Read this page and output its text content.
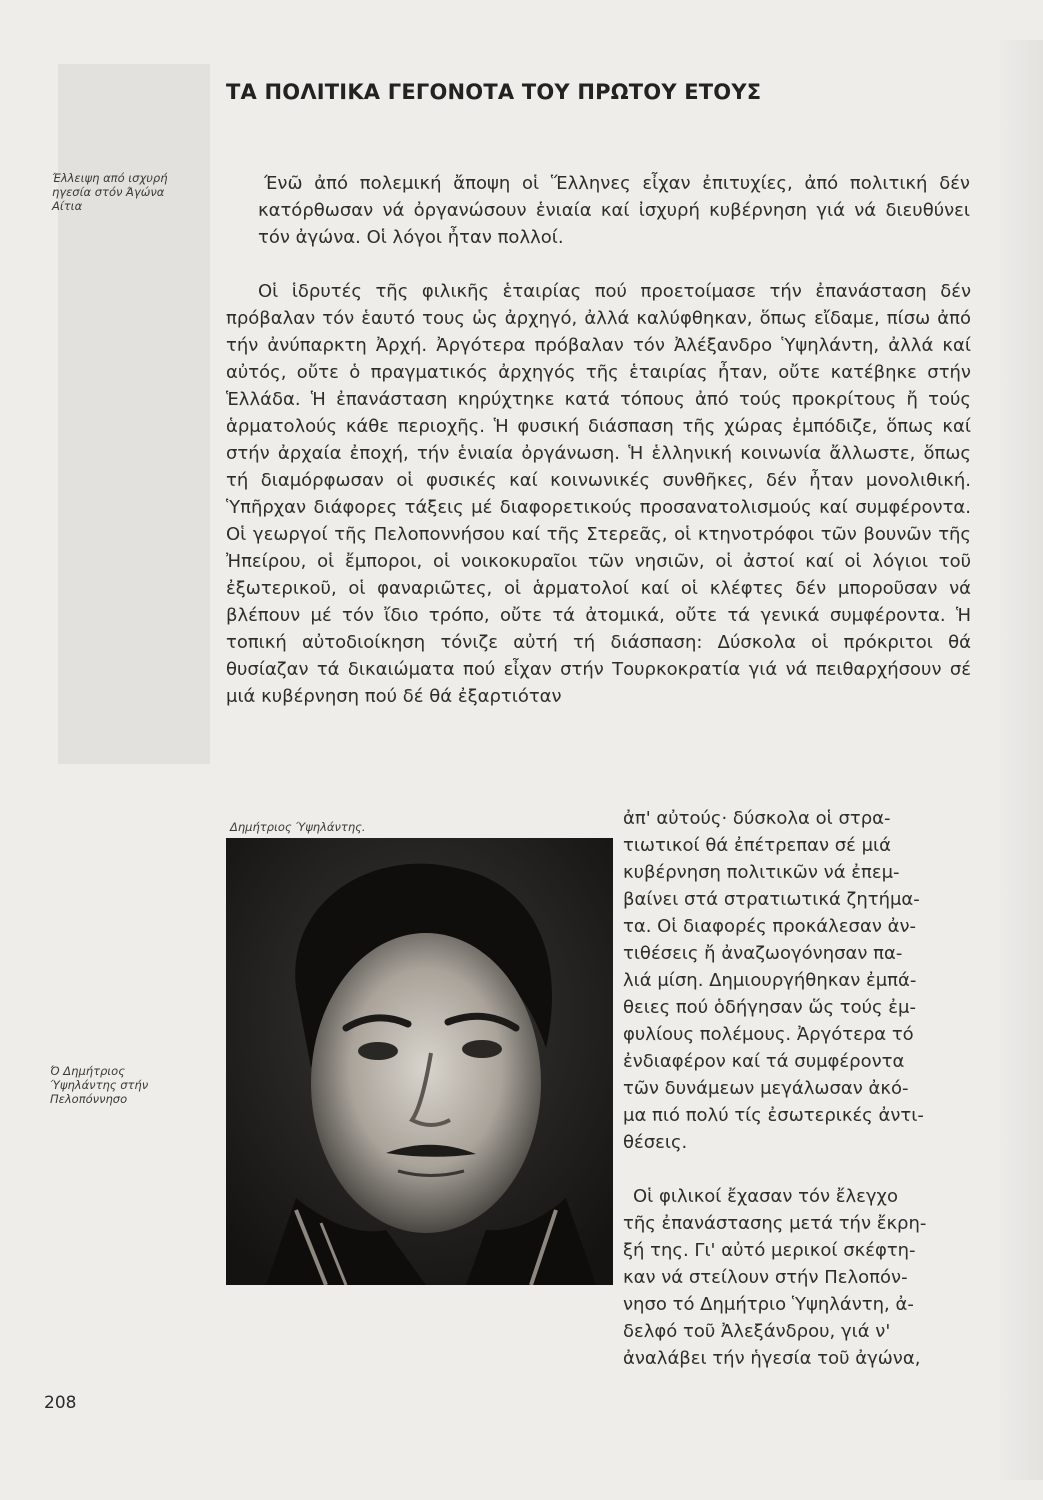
ΤΑ ΠΟΛΙΤΙΚΑ ΓΕΓΟΝΟΤΑ ΤΟΥ ΠΡΩΤΟΥ ΕΤΟΥΣ
Έλλειψη από ισχυρή ηγεσία στόν Άγώνα Αίτια
Ένῶ ἀπό πολεμική ἄποψη οἱ Ἕλληνες εἶχαν ἐπιτυχίες, ἀπό πολιτική δέν κατόρθωσαν νά ὀργανώσουν ἑνιαία καί ἰσχυρή κυβέρνηση γιά νά διευθύνει τόν ἀγώνα. Οἱ λόγοι ἦταν πολλοί.
Οἱ ἱδρυτές τῆς φιλικῆς ἑταιρίας πού προετοίμασε τήν ἐπανάσταση δέν πρόβαλαν τόν ἑαυτό τους ὡς ἀρχηγό, ἀλλά καλύφθηκαν, ὅπως εἴδαμε, πίσω ἀπό τήν ἀνύπαρκτη Ἀρχή. Ἀργότερα πρόβαλαν τόν Ἀλέξανδρο Ὑψηλάντη, ἀλλά καί αὐτός, οὔτε ὁ πραγματικός ἀρχηγός τῆς ἑταιρίας ἦταν, οὔτε κατέβηκε στήν Ἑλλάδα. Ἡ ἐπανάσταση κηρύχτηκε κατά τόπους ἀπό τούς προκρίτους ἤ τούς ἁρματολούς κάθε περιοχῆς. Ἡ φυσική διάσπαση τῆς χώρας ἐμπόδιζε, ὅπως καί στήν ἀρχαία ἐποχή, τήν ἑνιαία ὀργάνωση. Ἡ ἑλληνική κοινωνία ἄλλωστε, ὅπως τή διαμόρφωσαν οἱ φυσικές καί κοινωνικές συνθῆκες, δέν ἦταν μονολιθική. Ὑπῆρχαν διάφορες τάξεις μέ διαφορετικούς προσανατολισμούς καί συμφέροντα. Οἱ γεωργοί τῆς Πελοποννήσου καί τῆς Στερεᾶς, οἱ κτηνοτρόφοι τῶν βουνῶν τῆς Ἠπείρου, οἱ ἔμποροι, οἱ νοικοκυραῖοι τῶν νησιῶν, οἱ ἀστοί καί οἱ λόγιοι τοῦ ἐξωτερικοῦ, οἱ φαναριῶτες, οἱ ἁρματολοί καί οἱ κλέφτες δέν μποροῦσαν νά βλέπουν μέ τόν ἴδιο τρόπο, οὔτε τά ἀτομικά, οὔτε τά γενικά συμφέροντα. Ἡ τοπική αὐτοδιοίκηση τόνιζε αὐτή τή διάσπαση: Δύσκολα οἱ πρόκριτοι θά θυσίαζαν τά δικαιώματα πού εἶχαν στήν Τουρκοκρατία γιά νά πειθαρχήσουν σέ μιά κυβέρνηση πού δέ θά ἐξαρτιόταν
Δημήτριος Ύψηλάντης.	ἀπ' αὐτούς· δύσκολα οἱ στρα-
τιωτικοί θά ἐπέτρεπαν σέ μιά
κυβέρνηση πολιτικῶν νά ἐπεμ-
βαίνει στά στρατιωτικά ζητήμα-
τα. Οἱ διαφορές προκάλεσαν ἀν-
τιθέσεις ἤ ἀναζωογόνησαν πα-
λιά μίση. Δημιουργήθηκαν ἐμπά-
θειες πού ὁδήγησαν ὥς τούς ἐμ-
φυλίους πολέμους. Ἀργότερα τό
ἐνδιαφέρον καί τά συμφέροντα
τῶν δυνάμεων μεγάλωσαν ἀκό-
μα πιό πολύ τίς ἐσωτερικές ἀντι-
θέσεις.
Οἱ φιλικοί ἔχασαν τόν ἔλεγχο
τῆς ἐπανάστασης μετά τήν ἔκρη-
ξή της. Γι' αὐτό μερικοί σκέφτη-
καν νά στείλουν στήν Πελοπόν-
νησο τό Δημήτριο Ὑψηλάντη, ἀ-
δελφό τοῦ Ἀλεξάνδρου, γιά ν'
ἀναλάβει τήν ἡγεσία τοῦ ἀγώνα,
Ό Δημήτριος Ύψηλάντης στήν Πελοπόννησο
208
